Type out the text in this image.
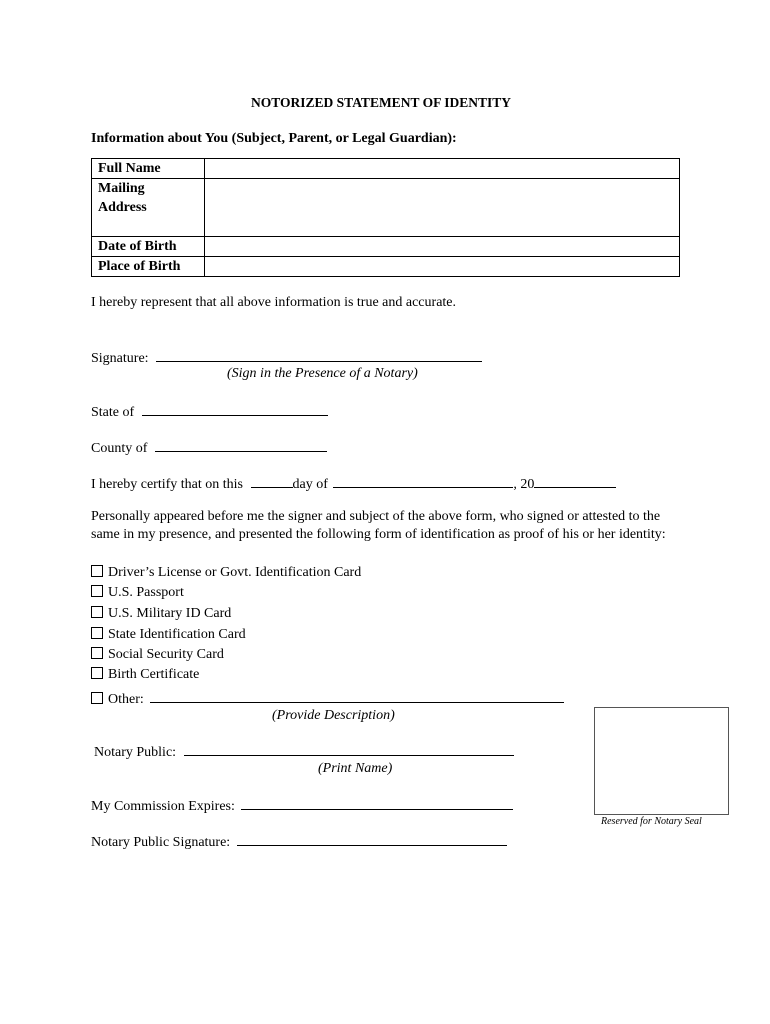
NOTORIZED STATEMENT OF IDENTITY
Information about You (Subject, Parent, or Legal Guardian):
Full Name	

Mailing
Address	

Date of Birth	
Place of Birth	
I hereby represent that all above information is true and accurate.
Signature:
(Sign in the Presence of a Notary)
State of
County of
I hereby certify that on this	day of	, 20
Personally appeared before me the signer and subject of the above form, who signed or attested to the same in my presence, and presented the following form of identification as proof of his or her identity:
Driver’s License or Govt. Identification Card
U.S. Passport
U.S. Military ID Card
State Identification Card
Social Security Card
Birth Certificate
Other:
(Provide Description)
Notary Public:
(Print Name)
My Commission Expires:
Notary Public Signature:
Reserved for Notary Seal
